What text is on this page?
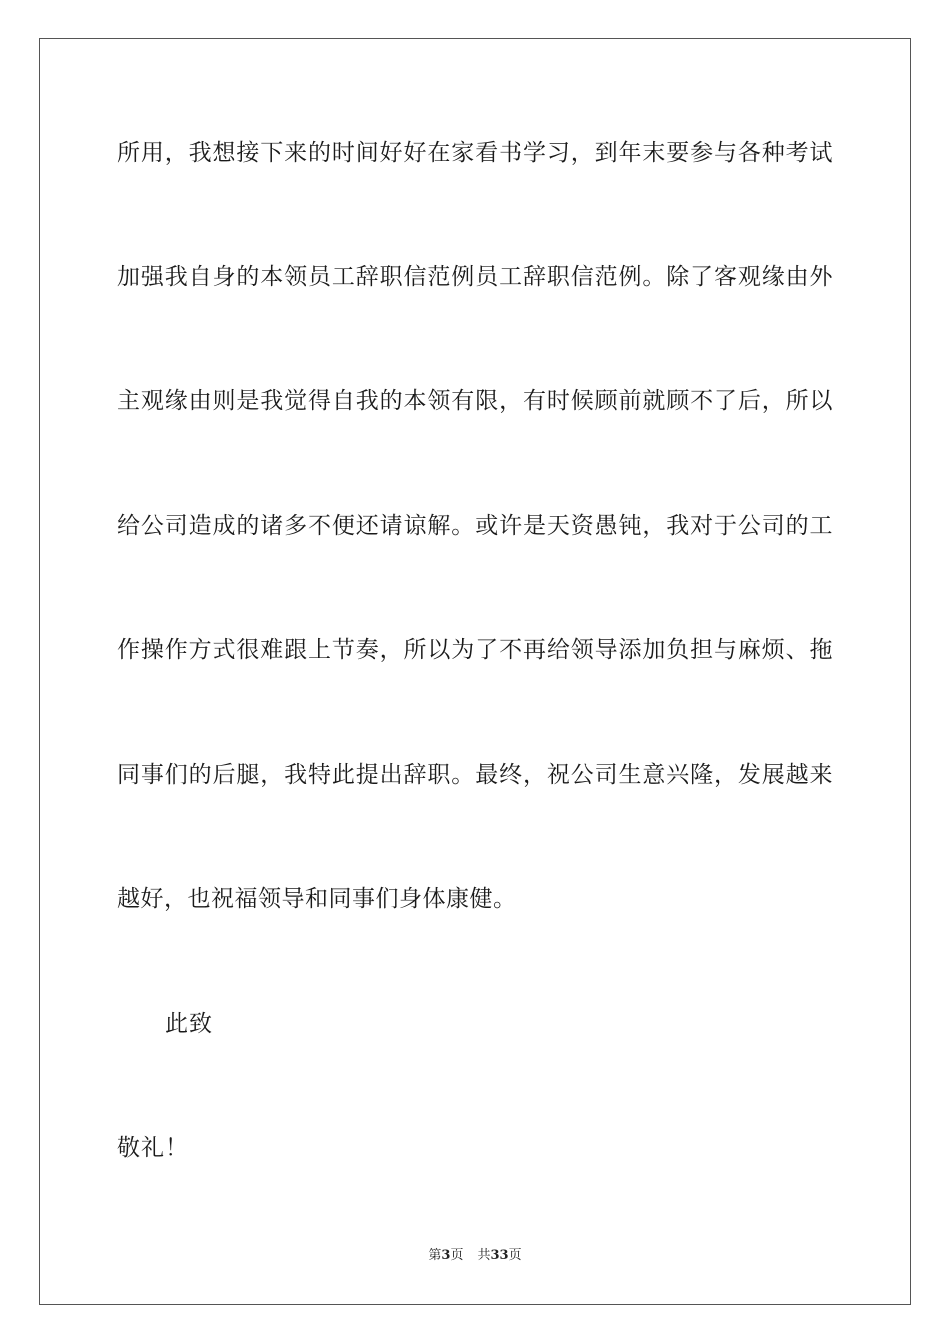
所用，我想接下来的时间好好在家看书学习，到年末要参与各种考试
加强我自身的本领员工辞职信范例员工辞职信范例。除了客观缘由外
主观缘由则是我觉得自我的本领有限，有时候顾前就顾不了后，所以
给公司造成的诸多不便还请谅解。或许是天资愚钝，我对于公司的工
作操作方式很难跟上节奏，所以为了不再给领导添加负担与麻烦、拖
同事们的后腿，我特此提出辞职。最终，祝公司生意兴隆，发展越来
越好，也祝福领导和同事们身体康健。
此致
敬礼！
第3页 共33页
